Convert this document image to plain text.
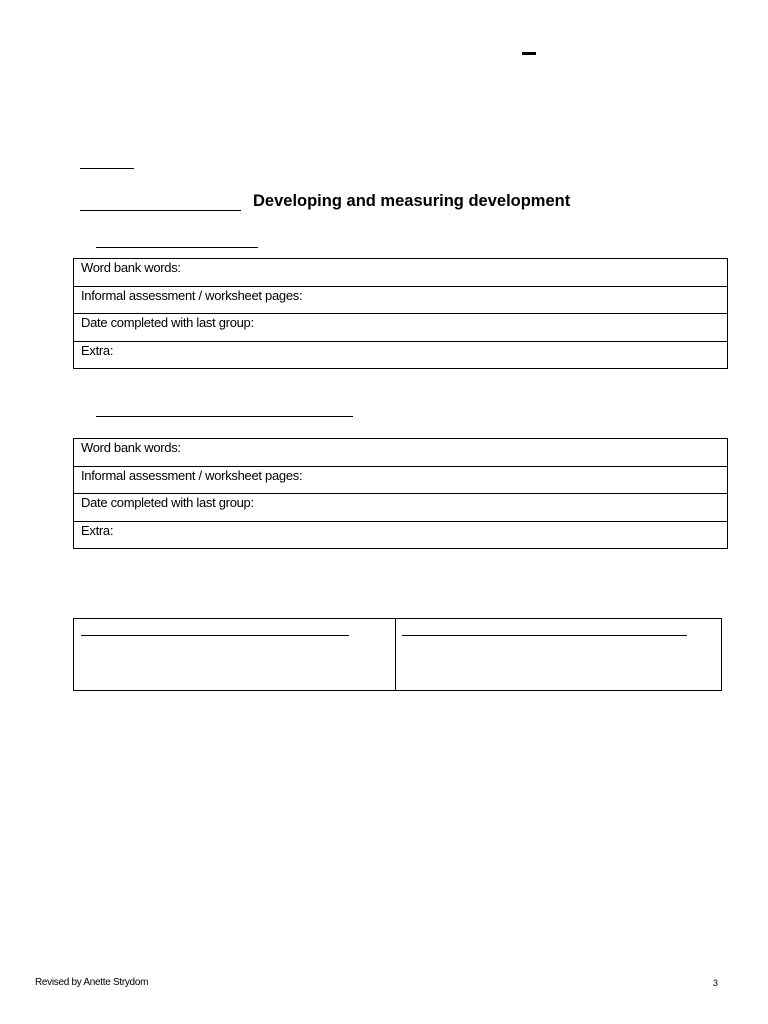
Developing and measuring development
Word bank words:
Informal assessment / worksheet pages:
Date completed with last group:
Extra:
Word bank words:
Informal assessment / worksheet pages:
Date completed with last group:
Extra:
Revised by Anette Strydom	3
